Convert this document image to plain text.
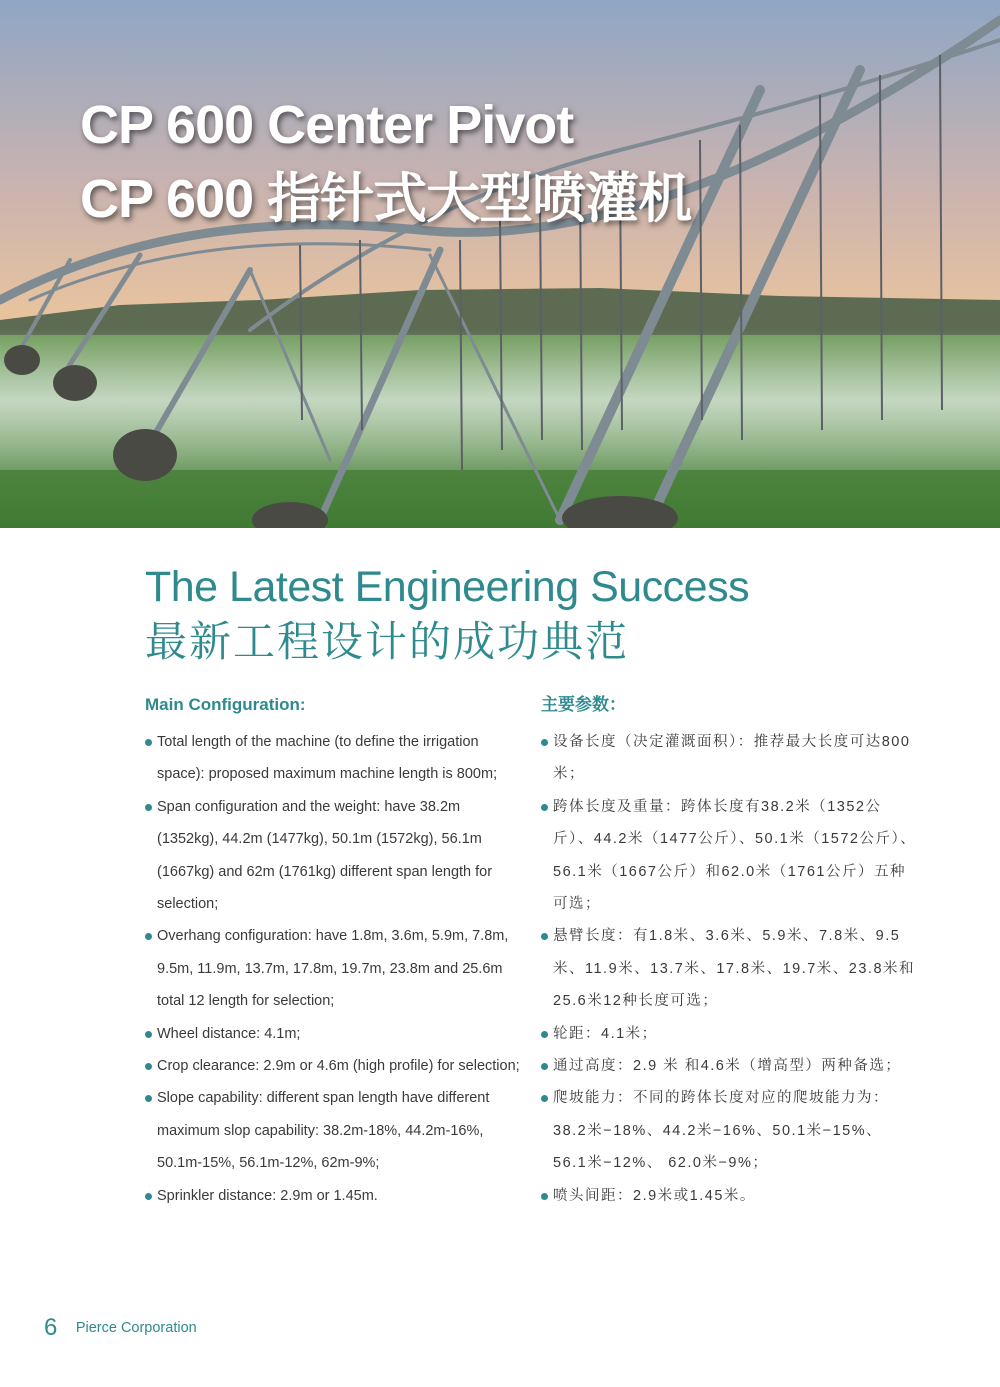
CP 600 Center Pivot
CP 600 指针式大型喷灌机
The Latest Engineering Success
最新工程设计的成功典范
Main Configuration:
Total length of the machine (to define the irrigation space): proposed maximum machine length is 800m;
Span configuration and the weight: have 38.2m (1352kg), 44.2m (1477kg), 50.1m (1572kg), 56.1m (1667kg) and 62m (1761kg) different span length for selection;
Overhang configuration: have 1.8m, 3.6m, 5.9m, 7.8m, 9.5m, 11.9m, 13.7m, 17.8m, 19.7m, 23.8m and 25.6m total 12 length for selection;
Wheel distance: 4.1m;
Crop clearance: 2.9m or 4.6m (high profile) for selection;
Slope capability: different span length have different maximum slop capability: 38.2m-18%, 44.2m-16%, 50.1m-15%, 56.1m-12%, 62m-9%;
Sprinkler distance: 2.9m or 1.45m.
主要参数：
设备长度（决定灌溉面积）：推荐最大长度可达800米；
跨体长度及重量：跨体长度有38.2米（1352公斤）、44.2米（1477公斤）、50.1米（1572公斤）、56.1米（1667公斤）和62.0米（1761公斤）五种可选；
悬臂长度：有1.8米、3.6米、5.9米、7.8米、9.5米、11.9米、13.7米、17.8米、19.7米、23.8米和25.6米12种长度可选；
轮距：4.1米；
通过高度：2.9 米 和4.6米（增高型）两种备选；
爬坡能力：不同的跨体长度对应的爬坡能力为：38.2米−18%、44.2米−16%、50.1米−15%、 56.1米−12%、 62.0米−9%；
喷头间距：2.9米或1.45米。
6 Pierce Corporation
